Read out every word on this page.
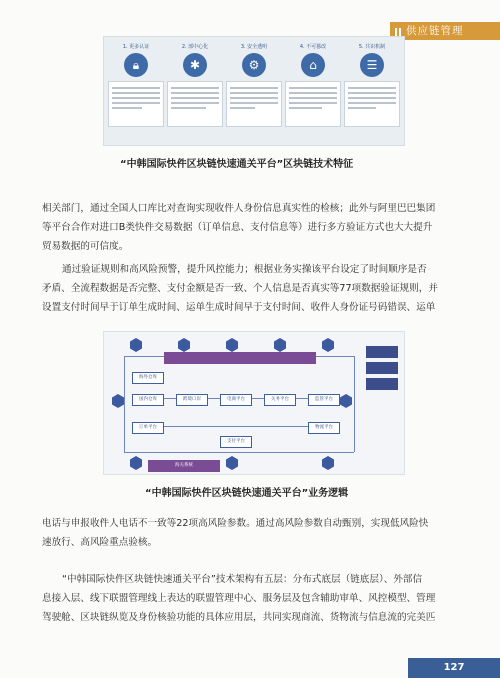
供应链管理
1. 更多认证
🔒︎
2. 部中心化
✱
3. 安全透明
⚙
4. 不可篡改
⌂
5. 共识机制
☰
“中韩国际快件区块链快速通关平台”区块链技术特征

相关部门，通过全国人口库比对查询实现收件人身份信息真实性的检核；此外与阿里巴巴集团
等平台合作对进口B类快件交易数据（订单信息、支付信息等）进行多方验证方式也大大提升
贸易数据的可信度。

通过验证规则和高风险预警，提升风控能力；根据业务实操该平台设定了时间顺序是否
矛盾、全流程数据是否完整、支付金额是否一致、个人信息是否真实等77项数据验证规则，并
设置支付时间早于订单生成时间、运单生成时间早于支付时间、收件人身份证号码错误、运单

海外仓库
国内仓库	跨境口岸	电商平台	关务平台	监管平台
订单平台
支付平台
物流平台
海关系统
“中韩国际快件区块链快速通关平台”业务逻辑

电话与申报收件人电话不一致等22项高风险参数。通过高风险参数自动甄别，实现低风险快
速放行、高风险重点验核。

“中韩国际快件区块链快速通关平台”技术架构有五层：分布式底层（链底层）、外部信
息接入层、线下联盟管理线上表达的联盟管理中心、服务层及包含辅助审单、风控模型、管理
驾驶舱、区块链纵览及身份核验功能的具体应用层，共同实现商流、货物流与信息流的完美匹

127
